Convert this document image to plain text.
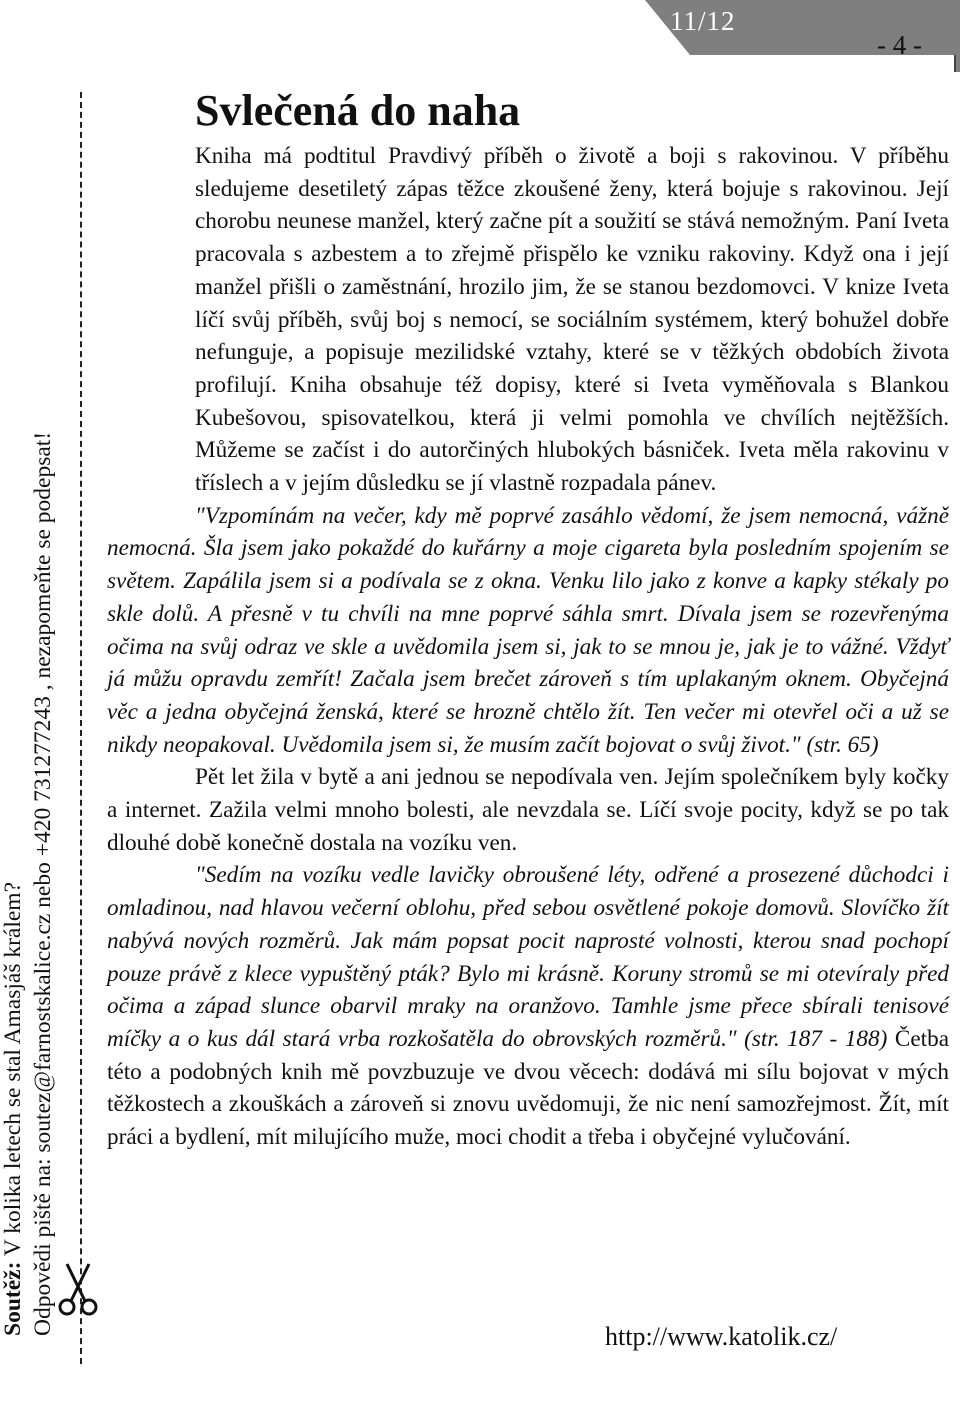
11/12
- 4 -
Soutěž: V kolika letech se stal Amasjáš králem? Odpovědi piště na: soutez@farnostskalice.cz nebo +420 731277243 , nezapomeňte se podepsat!
Svlečená do naha

Kniha má podtitul Pravdivý příběh o životě a boji s rakovinou. V příběhu sledujeme desetiletý zápas těžce zkoušené ženy, která bojuje s rakovinou. Její chorobu neunese manžel, který začne pít a soužití se stává nemožným. Paní Iveta pracovala s azbestem a to zřejmě přispělo ke vzniku rakoviny. Když ona i její manžel přišli o zaměstnání, hrozilo jim, že se stanou bezdomovci. V knize Iveta líčí svůj příběh, svůj boj s nemocí, se sociálním systémem, který bohužel dobře nefunguje, a popisuje mezilidské vztahy, které se v těžkých obdobích života profilují. Kniha obsahuje též dopisy, které si Iveta vyměňovala s Blankou Kubešovou, spisovatelkou, která ji velmi pomohla ve chvílích nejtěžších. Můžeme se začíst i do autorčiných hlubokých básniček. Iveta měla rakovinu v tříslech a v jejím důsledku se jí vlastně rozpadala pánev.

"Vzpomínám na večer, kdy mě poprvé zasáhlo vědomí, že jsem nemocná, vážně nemocná. Šla jsem jako pokaždé do kuřárny a moje cigareta byla posledním spojením se světem. Zapálila jsem si a podívala se z okna. Venku lilo jako z konve a kapky stékaly po skle dolů. A přesně v tu chvíli na mne poprvé sáhla smrt. Dívala jsem se rozevřenýma očima na svůj odraz ve skle a uvědomila jsem si, jak to se mnou je, jak je to vážné. Vždyť já můžu opravdu zemřít! Začala jsem brečet zároveň s tím uplakaným oknem. Obyčejná věc a jedna obyčejná ženská, které se hrozně chtělo žít. Ten večer mi otevřel oči a už se nikdy neopakoval. Uvědomila jsem si, že musím začít bojovat o svůj život." (str. 65)

Pět let žila v bytě a ani jednou se nepodívala ven. Jejím společníkem byly kočky a internet. Zažila velmi mnoho bolesti, ale nevzdala se. Líčí svoje pocity, když se po tak dlouhé době konečně dostala na vozíku ven.

"Sedím na vozíku vedle lavičky obroušené léty, odřené a prosezené důchodci i omladinou, nad hlavou večerní oblohu, před sebou osvětlené pokoje domovů. Slovíčko žít nabývá nových rozměrů. Jak mám popsat pocit naprosté volnosti, kterou snad pochopí pouze právě z klece vypuštěný pták? Bylo mi krásně. Koruny stromů se mi otevíraly před očima a západ slunce obarvil mraky na oranžovo. Tamhle jsme přece sbírali tenisové míčky a o kus dál stará vrba rozkošatěla do obrovských rozměrů." (str. 187 - 188) Četba této a podobných knih mě povzbuzuje ve dvou věcech: dodává mi sílu bojovat v mých těžkostech a zkouškách a zároveň si znovu uvědomuji, že nic není samozřejmost. Žít, mít práci a bydlení, mít milujícího muže, moci chodit a třeba i obyčejné vylučování.

http://www.katolik.cz/
